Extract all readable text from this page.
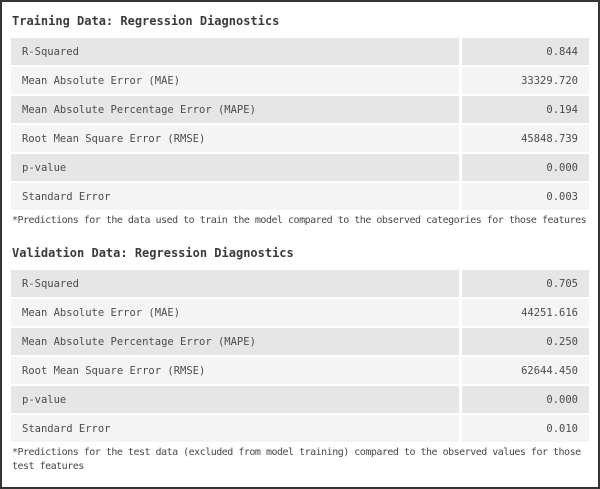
Training Data: Regression Diagnostics
R-Squared	0.844
Mean Absolute Error (MAE)	33329.720
Mean Absolute Percentage Error (MAPE)	0.194
Root Mean Square Error (RMSE)	45848.739
p-value	0.000
Standard Error	0.003
*Predictions for the data used to train the model compared to the observed categories for those features
Validation Data: Regression Diagnostics
R-Squared	0.705
Mean Absolute Error (MAE)	44251.616
Mean Absolute Percentage Error (MAPE)	0.250
Root Mean Square Error (RMSE)	62644.450
p-value	0.000
Standard Error	0.010
*Predictions for the test data (excluded from model training) compared to the observed values for those test features
